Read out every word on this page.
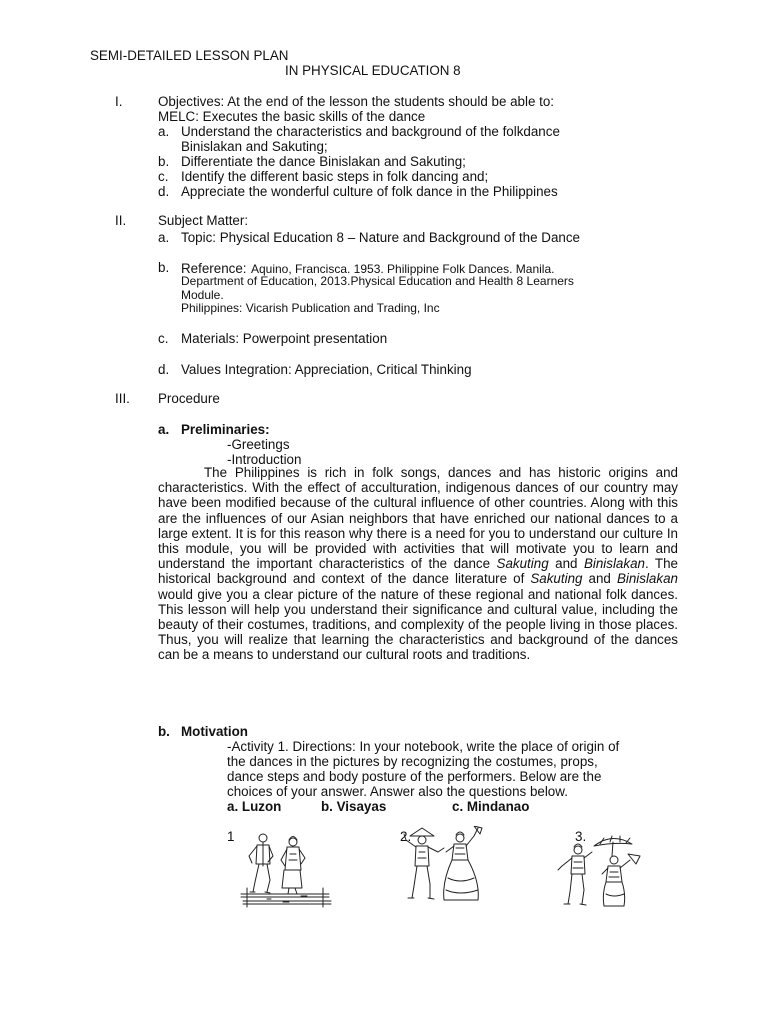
SEMI-DETAILED LESSON PLAN
IN PHYSICAL EDUCATION 8
I.	Objectives: At the end of the lesson the students should be able to:
MELC: Executes the basic skills of the dance
a. Understand the characteristics and background of the folkdance
Binislakan and Sakuting;
b. Differentiate the dance Binislakan and Sakuting;
c. Identify the different basic steps in folk dancing and;
d. Appreciate the wonderful culture of folk dance in the Philippines
II. Subject Matter:
a. Topic: Physical Education 8 – Nature and Background of the Dance
b. Reference: Aquino, Francisca. 1953. Philippine Folk Dances. Manila.
Department of Education, 2013.Physical Education and Health 8 Learners
Module.
Philippines: Vicarish Publication and Trading, Inc
c. Materials: Powerpoint presentation
d. Values Integration: Appreciation, Critical Thinking
III. Procedure
a. Preliminaries:
-Greetings
-Introduction

The Philippines is rich in folk songs, dances and has historic origins and characteristics. With the effect of acculturation, indigenous dances of our country may have been modified because of the cultural influence of other countries. Along with this are the influences of our Asian neighbors that have enriched our national dances to a large extent. It is for this reason why there is a need for you to understand our culture In this module, you will be provided with activities that will motivate you to learn and understand the important characteristics of the dance Sakuting and Binislakan. The historical background and context of the dance literature of Sakuting and Binislakan would give you a clear picture of the nature of these regional and national folk dances. This lesson will help you understand their significance and cultural value, including the beauty of their costumes, traditions, and complexity of the people living in those places. Thus, you will realize that learning the characteristics and background of the dances can be a means to understand our cultural roots and traditions.

b. Motivation
-Activity 1. Directions: In your notebook, write the place of origin of
the dances in the pictures by recognizing the costumes, props,
dance steps and body posture of the performers. Below are the
choices of your answer. Answer also the questions below.
a. Luzon	b. Visayas	c. Mindanao
1	2.	3.
